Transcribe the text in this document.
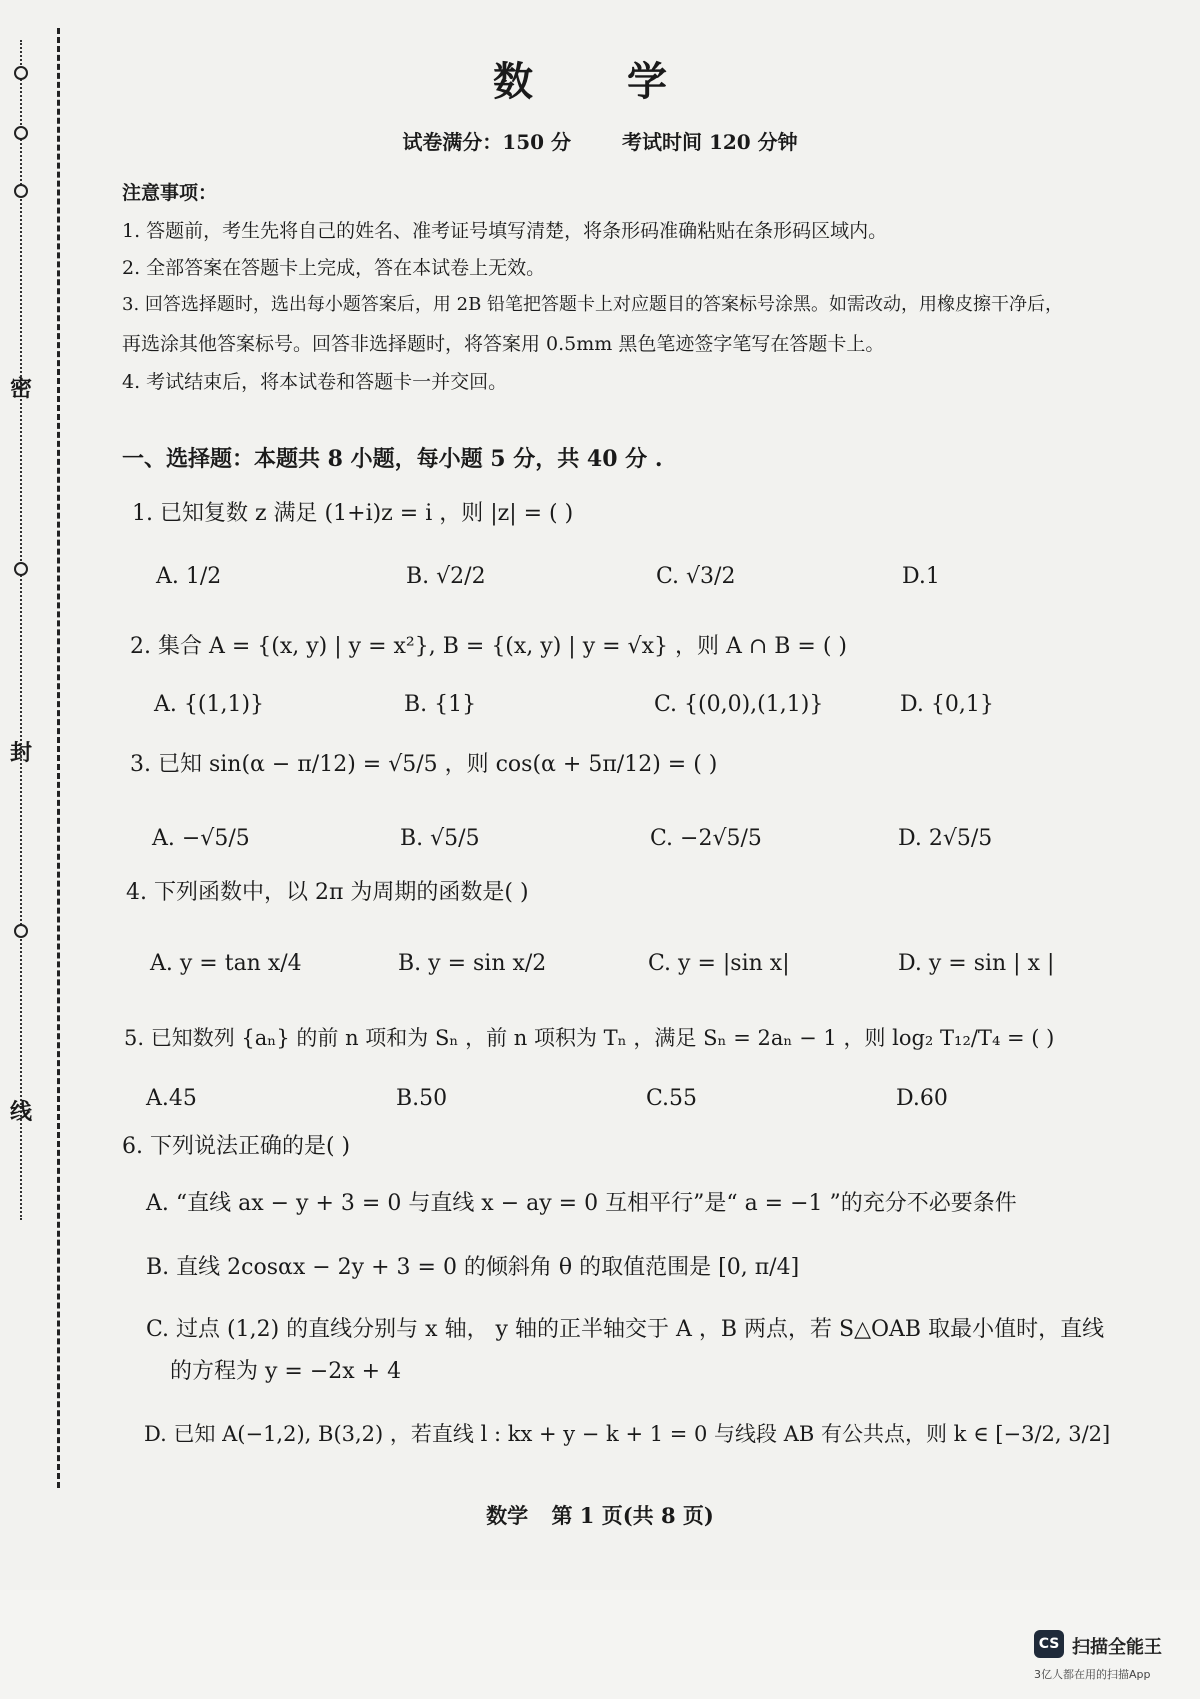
密
封
线
数 学
试卷满分：150 分	考试时间 120 分钟
注意事项：
1. 答题前，考生先将自己的姓名、准考证号填写清楚，将条形码准确粘贴在条形码区域内。
2. 全部答案在答题卡上完成，答在本试卷上无效。
3. 回答选择题时，选出每小题答案后，用 2B 铅笔把答题卡上对应题目的答案标号涂黑。如需改动，用橡皮擦干净后，
再选涂其他答案标号。回答非选择题时，将答案用 0.5mm 黑色笔迹签字笔写在答题卡上。
4. 考试结束后，将本试卷和答题卡一并交回。
一、选择题：本题共 8 小题，每小题 5 分，共 40 分 .
1. 已知复数 z 满足 (1+i)z = i ，则 |z| = ( )
A. 1/2	B. √2/2	C. √3/2	D.1
2. 集合 A = {(x, y) | y = x²}, B = {(x, y) | y = √x} ，则 A ∩ B = ( )
A. {(1,1)}	B. {1}	C. {(0,0),(1,1)}	D. {0,1}
3. 已知 sin(α − π/12) = √5/5 ，则 cos(α + 5π/12) = ( )
A. −√5/5	B. √5/5	C. −2√5/5	D. 2√5/5
4. 下列函数中，以 2π 为周期的函数是( )
A. y = tan x/4	B. y = sin x/2	C. y = |sin x|	D. y = sin | x |
5. 已知数列 {aₙ} 的前 n 项和为 Sₙ ，前 n 项积为 Tₙ ，满足 Sₙ = 2aₙ − 1 ，则 log₂ T₁₂/T₄ = ( )
A.45	B.50	C.55	D.60
6. 下列说法正确的是( )
A. “直线 ax − y + 3 = 0 与直线 x − ay = 0 互相平行”是“ a = −1 ”的充分不必要条件
B. 直线 2cosαx − 2y + 3 = 0 的倾斜角 θ 的取值范围是 [0, π/4]
C. 过点 (1,2) 的直线分别与 x 轴， y 轴的正半轴交于 A ，B 两点，若 S△OAB 取最小值时，直线
的方程为 y = −2x + 4
D. 已知 A(−1,2), B(3,2) ，若直线 l : kx + y − k + 1 = 0 与线段 AB 有公共点，则 k ∈ [−3/2, 3/2]
数学 第 1 页(共 8 页)
CS 扫描全能王
3亿人都在用的扫描App
